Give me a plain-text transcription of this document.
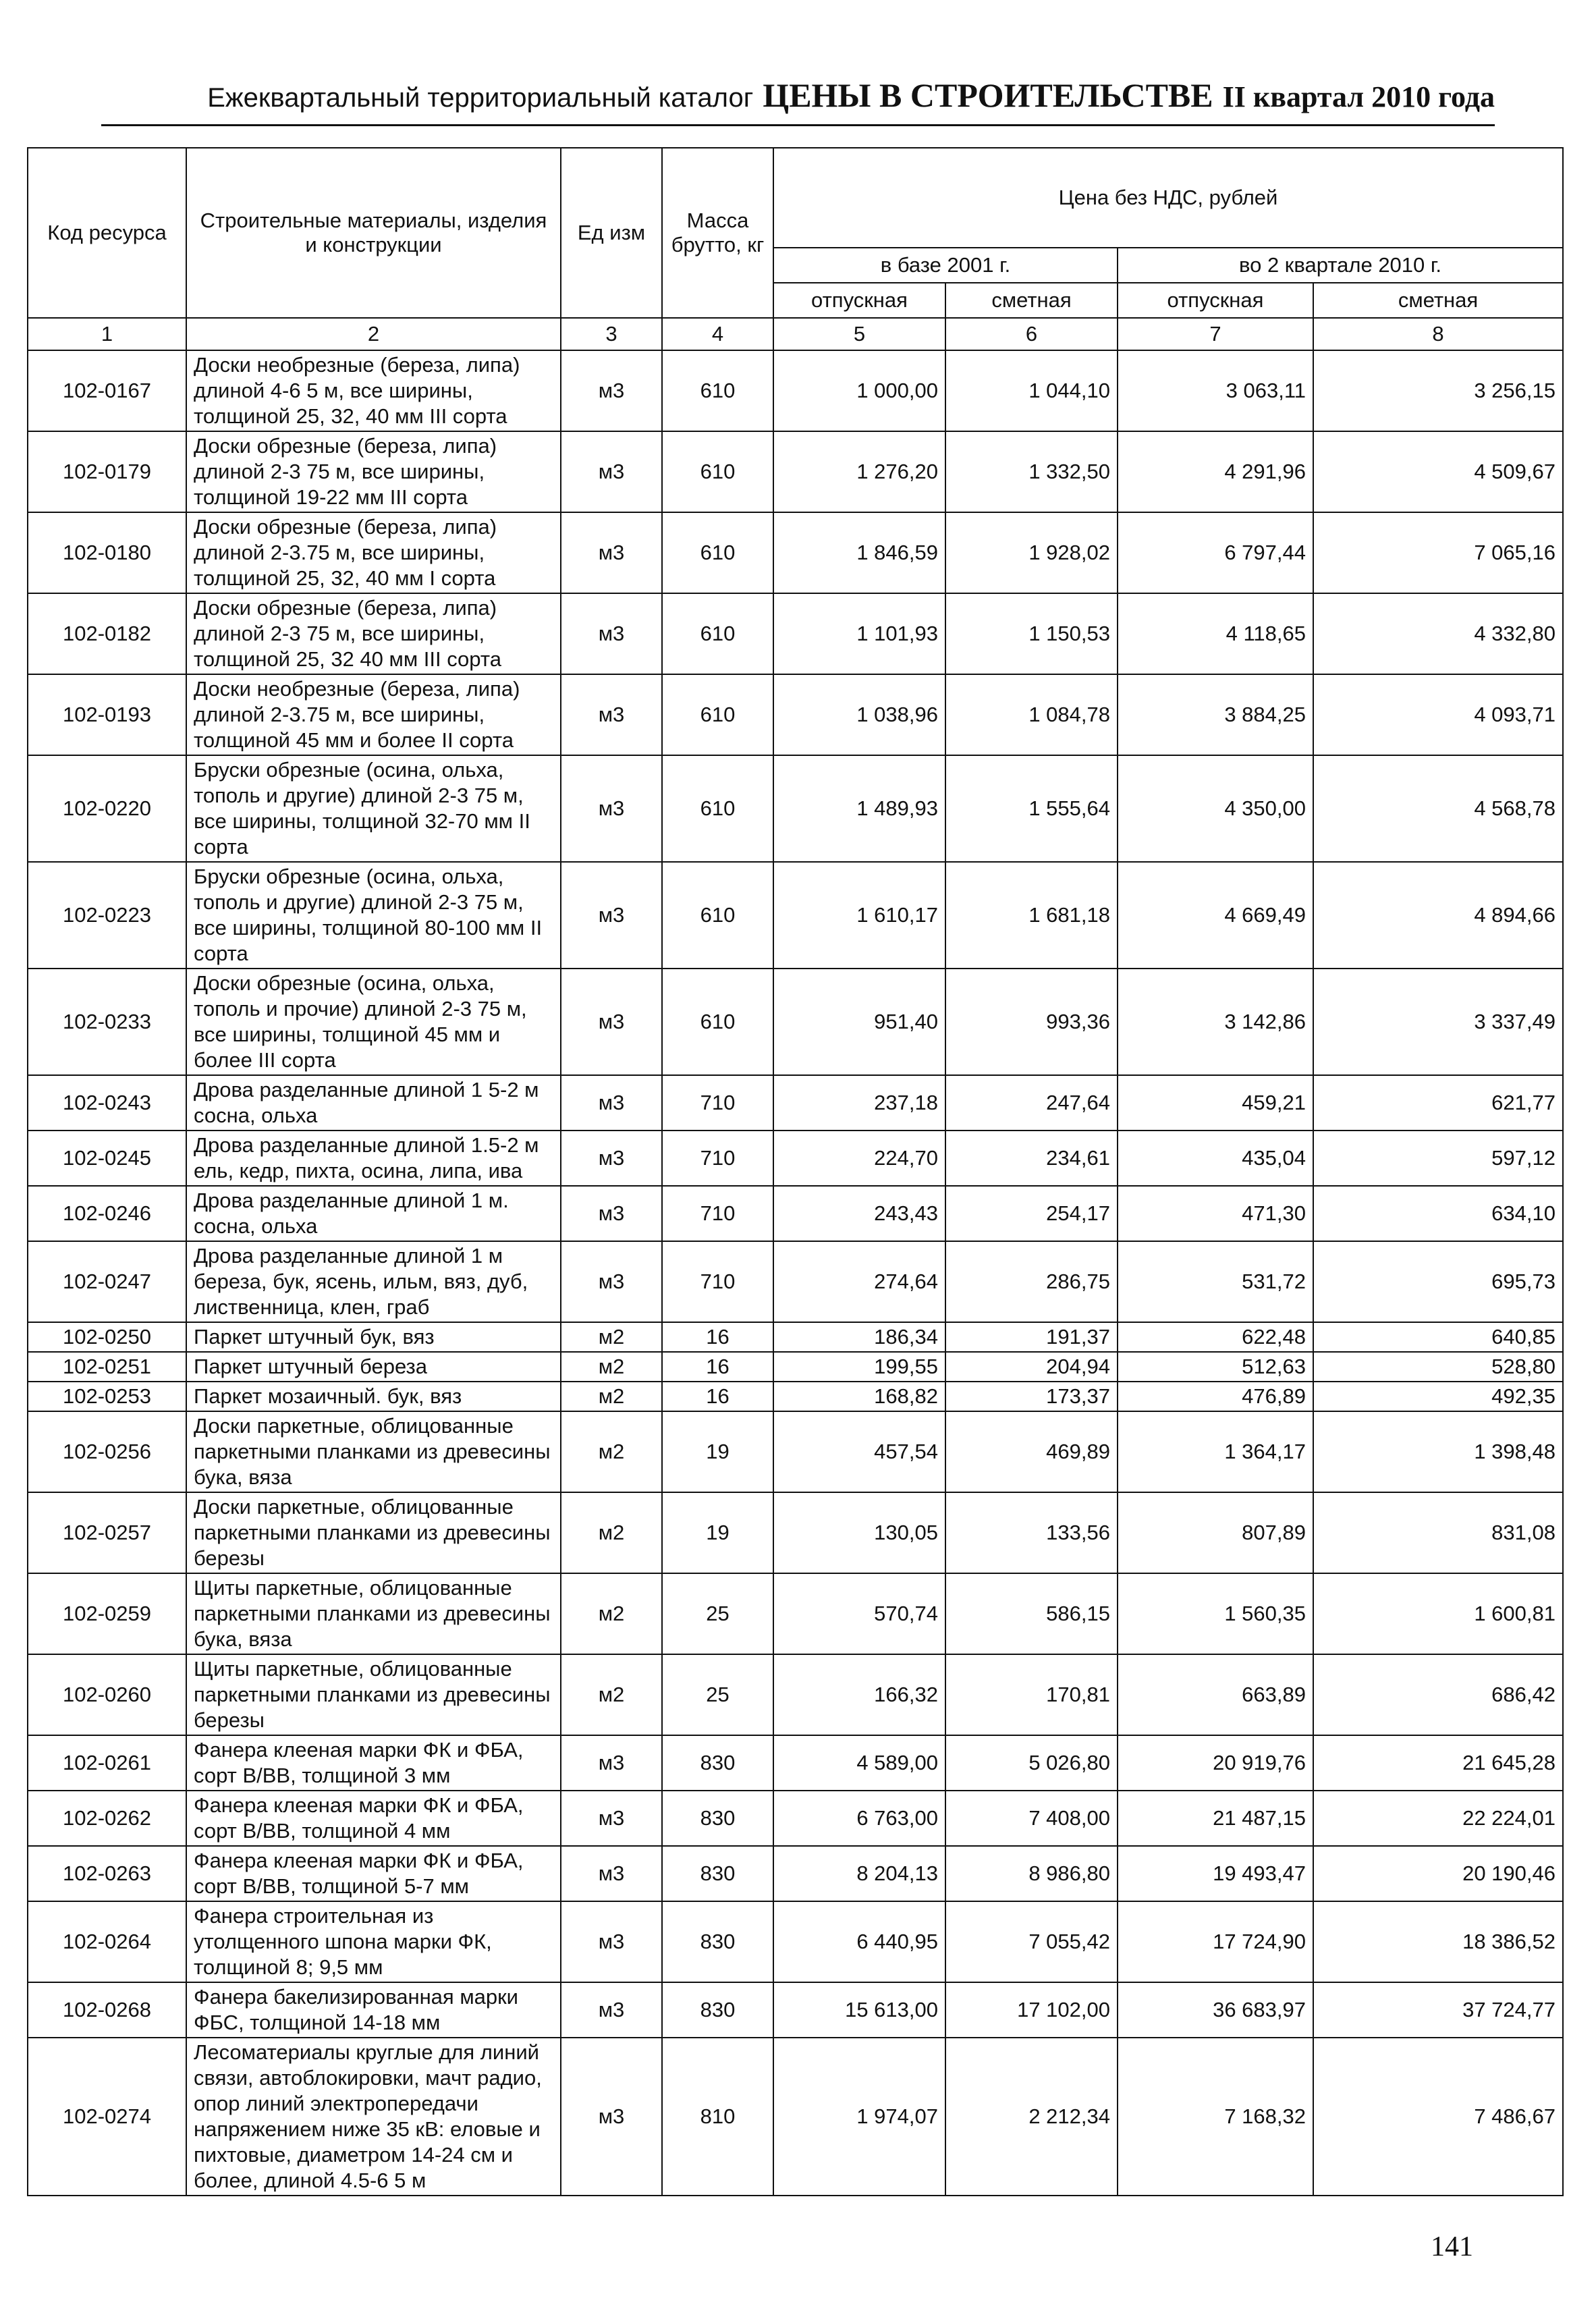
Ежеквартальный территориальный каталог ЦЕНЫ В СТРОИТЕЛЬСТВЕ II квартал 2010 года
Код ресурса	Строительные материалы, изделия и конструкции	Ед изм	Масса брутто, кг	Цена без НДС, рублей			
				в базе 2001 г.		во 2 квартале 2010 г.	
				отпускная	сметная	отпускная	сметная
1	2	3	4	5	6	7	8
102-0167	Доски необрезные (береза, липа) длиной 4-6 5 м, все ширины, толщиной 25, 32, 40 мм III сорта	м3	610	1 000,00	1 044,10	3 063,11	3 256,15
102-0179	Доски обрезные (береза, липа) длиной 2-3 75 м, все ширины, толщиной 19-22 мм III сорта	м3	610	1 276,20	1 332,50	4 291,96	4 509,67
102-0180	Доски обрезные (береза, липа) длиной 2-3.75 м, все ширины, толщиной 25, 32, 40 мм I сорта	м3	610	1 846,59	1 928,02	6 797,44	7 065,16
102-0182	Доски обрезные (береза, липа) длиной 2-3 75 м, все ширины, толщиной 25, 32 40 мм III сорта	м3	610	1 101,93	1 150,53	4 118,65	4 332,80
102-0193	Доски необрезные (береза, липа) длиной 2-3.75 м, все ширины, толщиной 45 мм и более II сорта	м3	610	1 038,96	1 084,78	3 884,25	4 093,71
102-0220	Бруски обрезные (осина, ольха, тополь и другие) длиной 2-3 75 м, все ширины, толщиной 32-70 мм II сорта	м3	610	1 489,93	1 555,64	4 350,00	4 568,78
102-0223	Бруски обрезные (осина, ольха, тополь и другие) длиной 2-3 75 м, все ширины, толщиной 80-100 мм II сорта	м3	610	1 610,17	1 681,18	4 669,49	4 894,66
102-0233	Доски обрезные (осина, ольха, тополь и прочие) длиной 2-3 75 м, все ширины, толщиной 45 мм и более III сорта	м3	610	951,40	993,36	3 142,86	3 337,49
102-0243	Дрова разделанные длиной 1 5-2 м сосна, ольха	м3	710	237,18	247,64	459,21	621,77
102-0245	Дрова разделанные длиной 1.5-2 м ель, кедр, пихта, осина, липа, ива	м3	710	224,70	234,61	435,04	597,12
102-0246	Дрова разделанные длиной 1 м. сосна, ольха	м3	710	243,43	254,17	471,30	634,10
102-0247	Дрова разделанные длиной 1 м береза, бук, ясень, ильм, вяз, дуб, лиственница, клен, граб	м3	710	274,64	286,75	531,72	695,73
102-0250	Паркет штучный бук, вяз	м2	16	186,34	191,37	622,48	640,85
102-0251	Паркет штучный береза	м2	16	199,55	204,94	512,63	528,80
102-0253	Паркет мозаичный. бук, вяз	м2	16	168,82	173,37	476,89	492,35
102-0256	Доски паркетные, облицованные паркетными планками из древесины бука, вяза	м2	19	457,54	469,89	1 364,17	1 398,48
102-0257	Доски паркетные, облицованные паркетными планками из древесины березы	м2	19	130,05	133,56	807,89	831,08
102-0259	Щиты паркетные, облицованные паркетными планками из древесины бука, вяза	м2	25	570,74	586,15	1 560,35	1 600,81
102-0260	Щиты паркетные, облицованные паркетными планками из древесины березы	м2	25	166,32	170,81	663,89	686,42
102-0261	Фанера клееная марки ФК и ФБА, сорт В/ВВ, толщиной 3 мм	м3	830	4 589,00	5 026,80	20 919,76	21 645,28
102-0262	Фанера клееная марки ФК и ФБА, сорт В/ВВ, толщиной 4 мм	м3	830	6 763,00	7 408,00	21 487,15	22 224,01
102-0263	Фанера клееная марки ФК и ФБА, сорт В/ВВ, толщиной 5-7 мм	м3	830	8 204,13	8 986,80	19 493,47	20 190,46
102-0264	Фанера строительная из утолщенного шпона марки ФК, толщиной 8; 9,5 мм	м3	830	6 440,95	7 055,42	17 724,90	18 386,52
102-0268	Фанера бакелизированная марки ФБС, толщиной 14-18 мм	м3	830	15 613,00	17 102,00	36 683,97	37 724,77
102-0274	Лесоматериалы круглые для линий связи, автоблокировки, мачт радио, опор линий электропередачи напряжением ниже 35 кВ: еловые и пихтовые, диаметром 14-24 см и более, длиной 4.5-6 5 м	м3	810	1 974,07	2 212,34	7 168,32	7 486,67
141
